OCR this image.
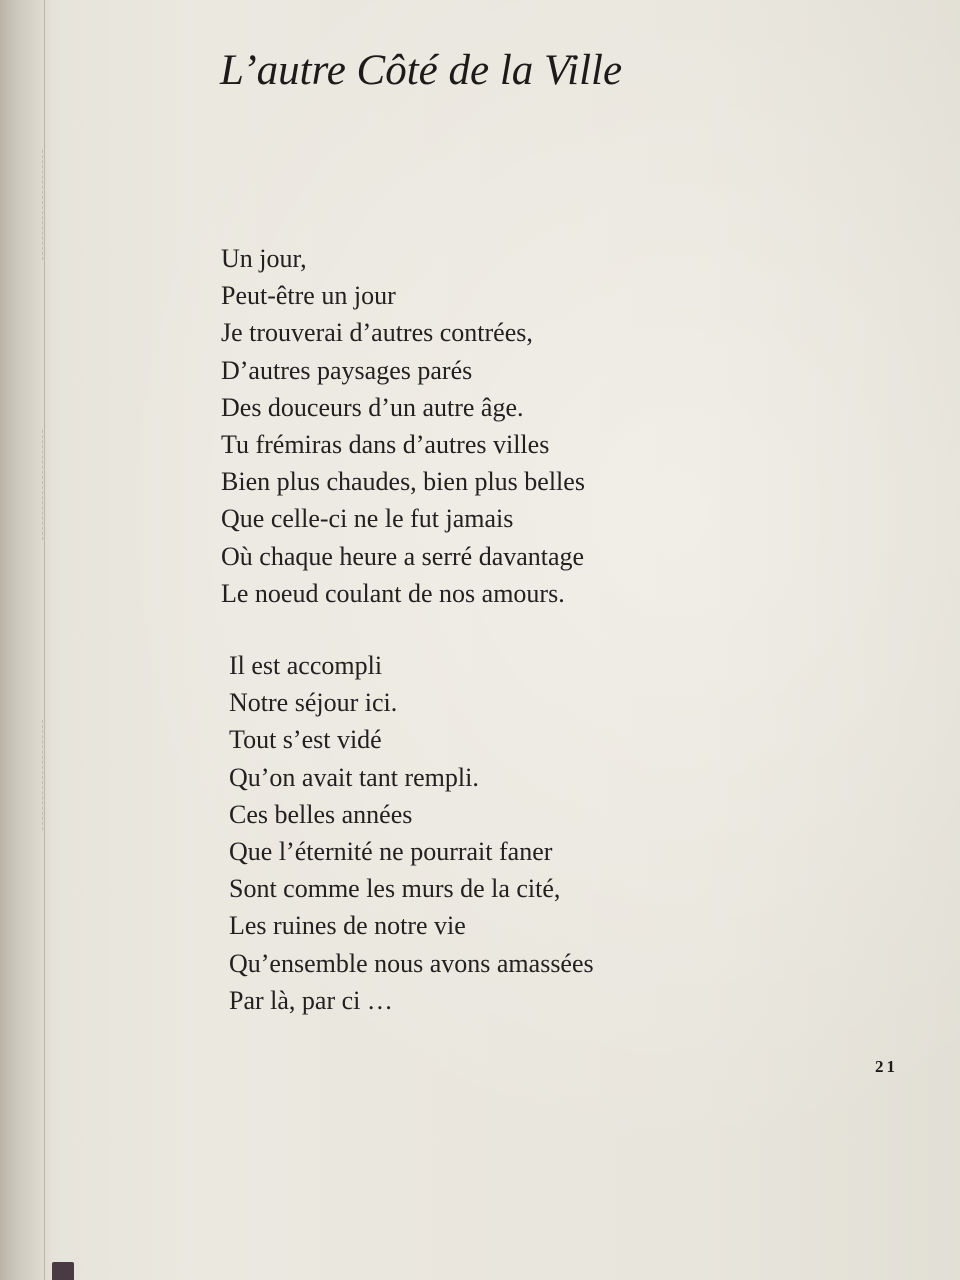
L’autre Côté de la Ville
Un jour,
Peut-être un jour
Je trouverai d’autres contrées,
D’autres paysages parés
Des douceurs d’un autre âge.
Tu frémiras dans d’autres villes
Bien plus chaudes, bien plus belles
Que celle-ci ne le fut jamais
Où chaque heure a serré davantage
Le noeud coulant de nos amours.
Il est accompli
Notre séjour ici.
Tout s’est vidé
Qu’on avait tant rempli.
Ces belles années
Que l’éternité ne pourrait faner
Sont comme les murs de la cité,
Les ruines de notre vie
Qu’ensemble nous avons amassées
Par là, par ci …
21
